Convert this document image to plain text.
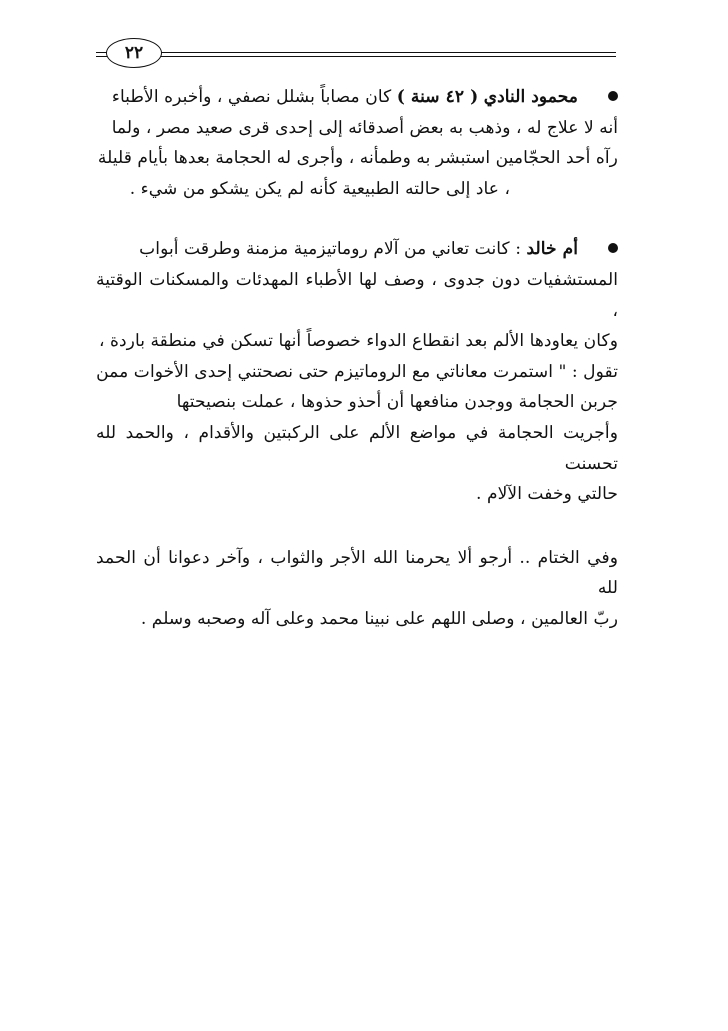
٢٢
محمود النادي ( ٤٢ سنة ) كان مصاباً بشلل نصفي ، وأخبره الأطباء
أنه لا علاج له ، وذهب به بعض أصدقائه إلى إحدى قرى صعيد مصر ، ولما
رآه أحد الحجّامين استبشر به وطمأنه ، وأجرى له الحجامة بعدها بأيام قليلة
، عاد إلى حالته الطبيعية كأنه لم يكن يشكو من شيء .
أم خالد : كانت تعاني من آلام روماتيزمية مزمنة وطرقت أبواب
المستشفيات دون جدوى ، وصف لها الأطباء المهدئات والمسكنات الوقتية ،
وكان يعاودها الألم بعد انقطاع الدواء خصوصاً أنها تسكن في منطقة باردة ،
تقول : " استمرت معاناتي مع الروماتيزم حتى نصحتني إحدى الأخوات ممن
جربن الحجامة ووجدن منافعها أن أحذو حذوها ، عملت بنصيحتها
وأجريت الحجامة في مواضع الألم على الركبتين والأقدام ، والحمد لله تحسنت
حالتي وخفت الآلام .
وفي الختام .. أرجو ألا يحرمنا الله الأجر والثواب ، وآخر دعوانا أن الحمد لله
ربّ العالمين ، وصلى اللهم على نبينا محمد وعلى آله وصحبه وسلم .
